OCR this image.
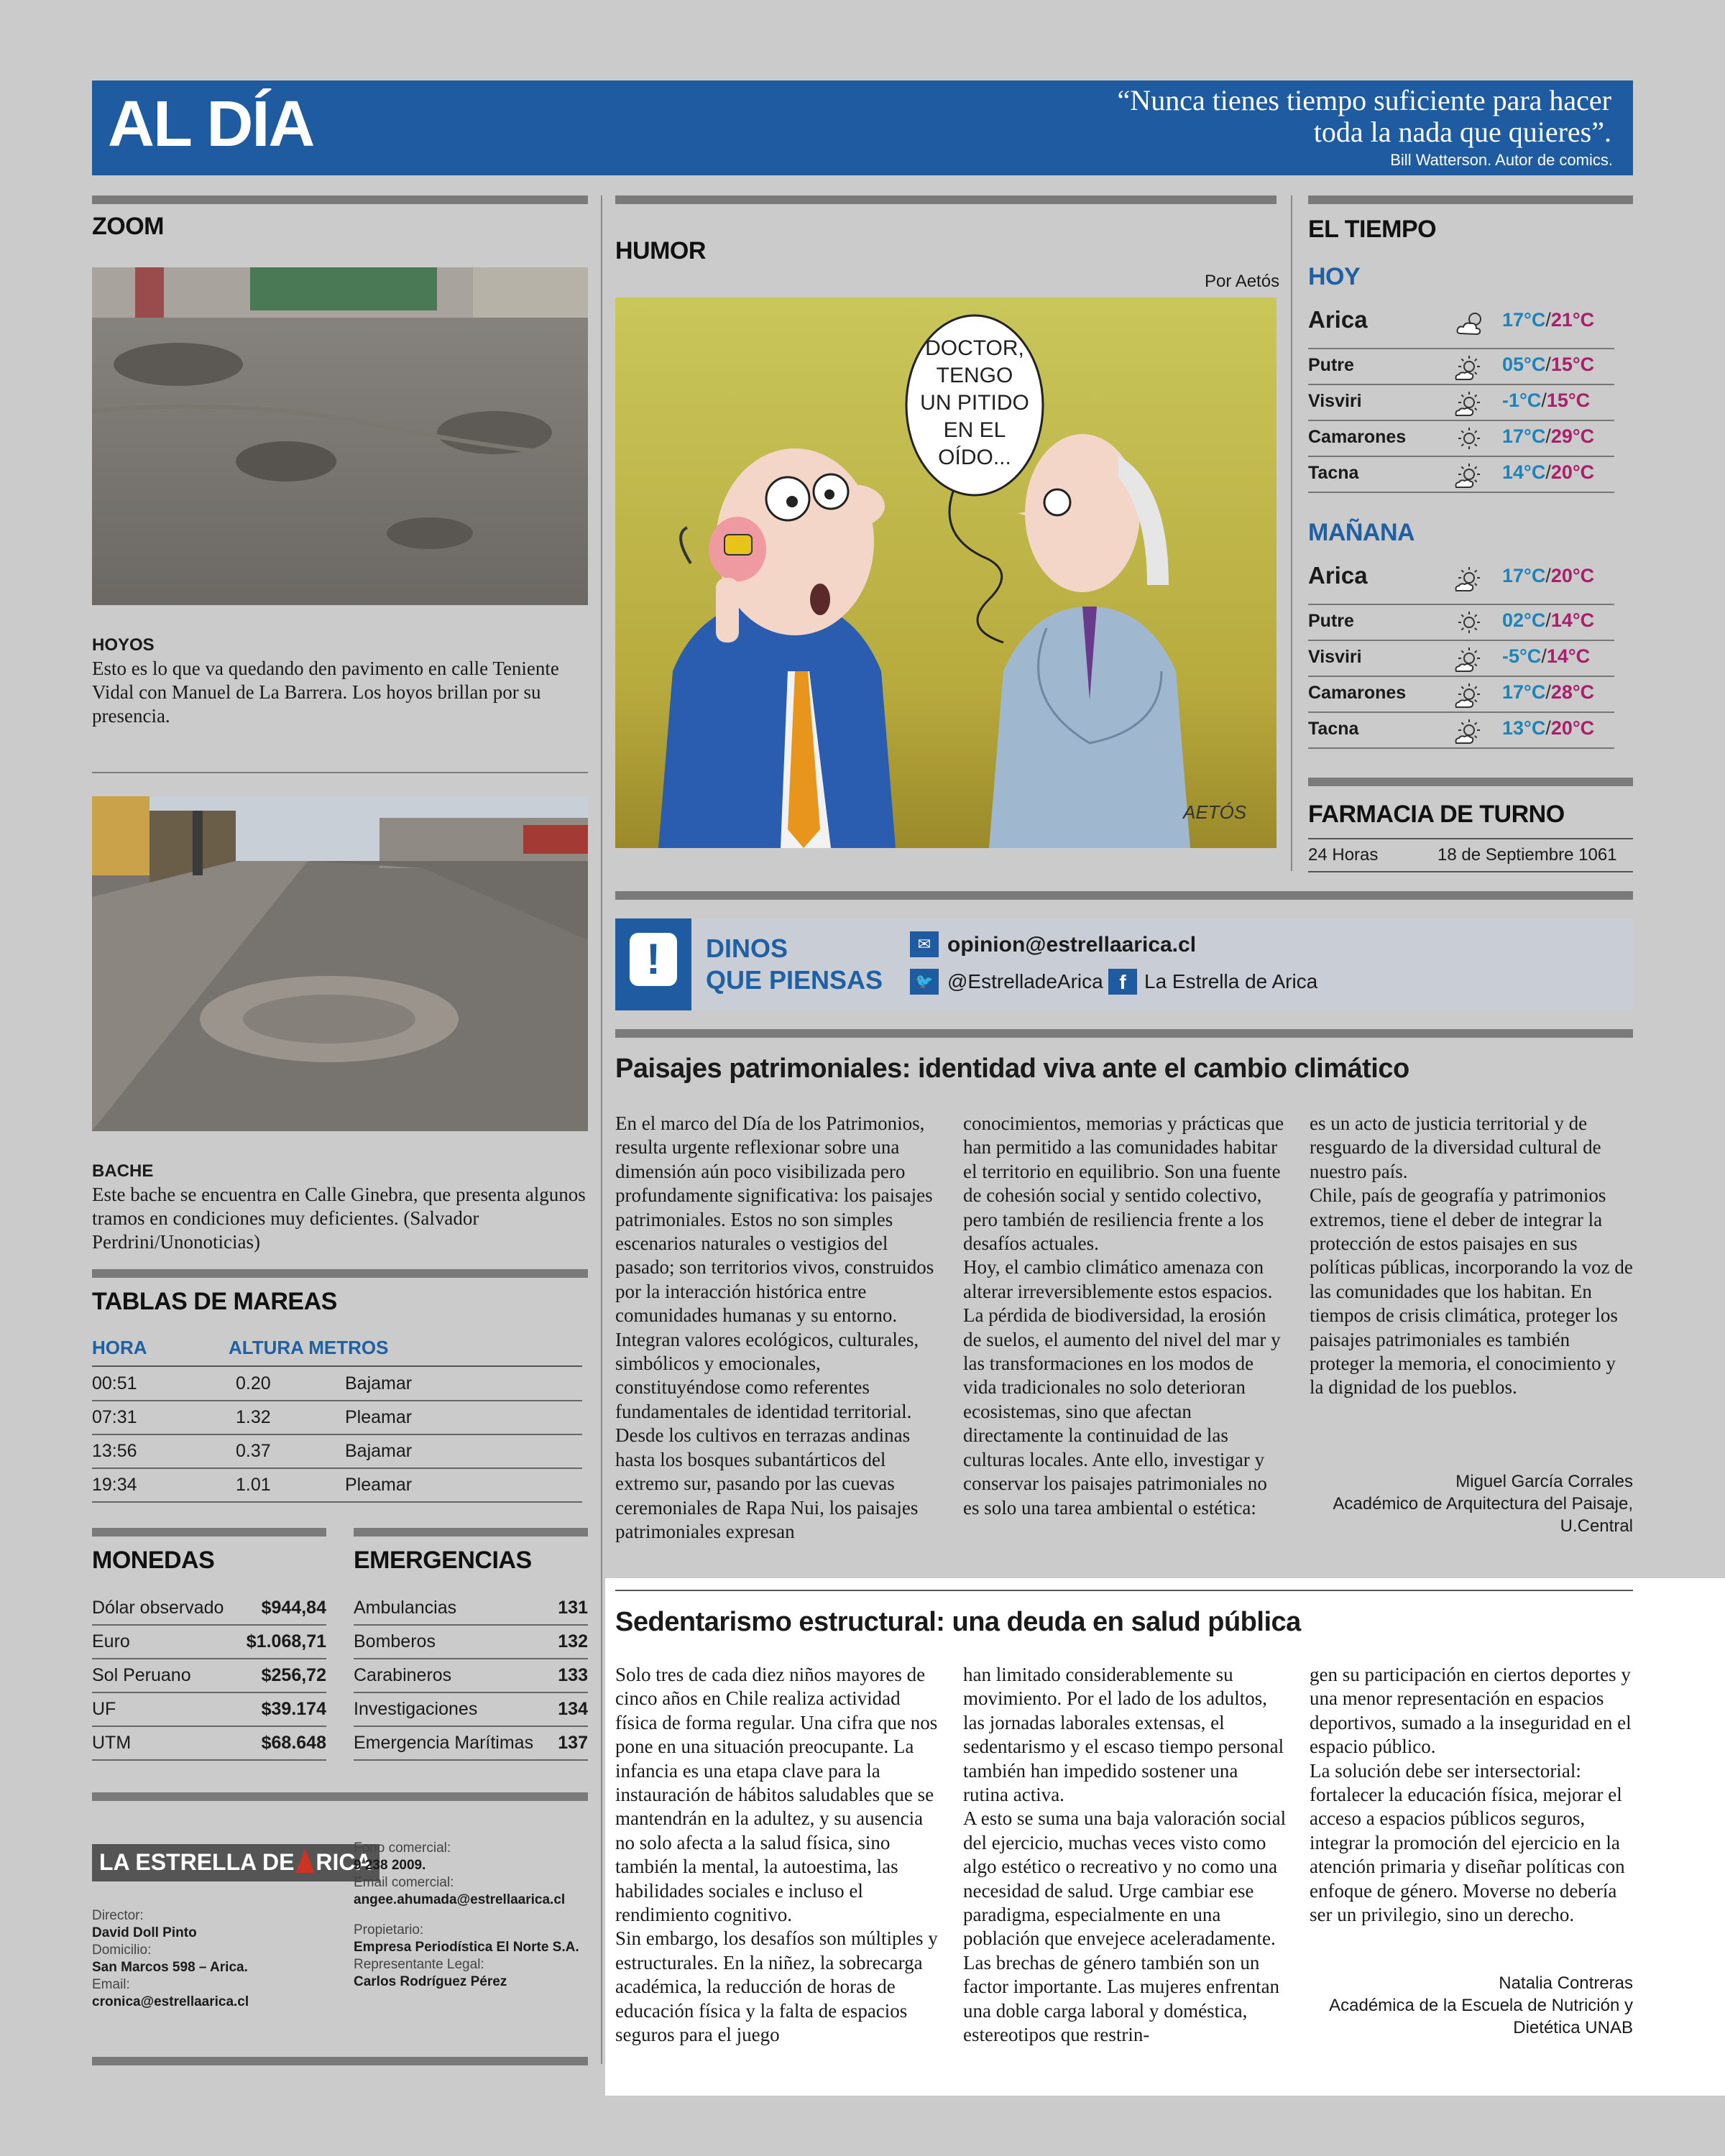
AL DÍA	“Nunca tienes tiempo suficiente para hacer
toda la nada que quieres”.
Bill Watterson. Autor de comics.
ZOOM
HOYOS
Esto es lo que va quedando den pavimento en calle Teniente Vidal con Manuel de La Barrera. Los hoyos brillan por su presencia.
BACHE
Este bache se encuentra en Calle Ginebra, que presenta algunos tramos en condiciones muy deficientes. (Salvador Perdrini/Unonoticias)
TABLAS DE MAREAS
HORA	ALTURA METROS
00:51	0.20	Bajamar
07:31	1.32	Pleamar
13:56	0.37	Bajamar
19:34	1.01	Pleamar
MONEDAS
Dólar observado	$944,84
Euro	$1.068,71
Sol Peruano	$256,72
UF	$39.174
UTM	$68.648
EMERGENCIAS
Ambulancias	131
Bomberos	132
Carabineros	133
Investigaciones	134
Emergencia Marítimas	137
LA ESTRELLA DE RICA
Director:
David Doll Pinto
Domicilio:
San Marcos 598 – Arica.
Email:
cronica@estrellaarica.cl
Fono comercial:
9 238 2009.
Email comercial:
angee.ahumada@estrellaarica.cl
Propietario:
Empresa Periodística El Norte S.A.
Representante Legal:
Carlos Rodríguez Pérez
HUMOR
Por Aetós
DOCTOR,
TENGO
UN PITIDO
EN EL
OÍDO...
AETÓS
EL TIEMPO
HOY
Arica	17°C/21°C
Putre	05°C/15°C
Visviri	-1°C/15°C
Camarones	17°C/29°C
Tacna	14°C/20°C
MAÑANA
Arica	17°C/20°C
Putre	02°C/14°C
Visviri	-5°C/14°C
Camarones	17°C/28°C
Tacna	13°C/20°C
FARMACIA DE TURNO
24 Horas	18 de Septiembre 1061
!	DINOS
QUE PIENSAS
✉ opinion@estrellaarica.cl
🐦 @EstrelladeArica f La Estrella de Arica
Paisajes patrimoniales: identidad viva ante el cambio climático

En el marco del Día de los Patrimonios, resulta urgente reflexionar sobre una dimensión aún poco visibilizada pero profundamente significativa: los paisajes patrimoniales. Estos no son simples escenarios naturales o vestigios del pasado; son territorios vivos, construidos por la interacción histórica entre comunidades humanas y su entorno. Integran valores ecológicos, culturales, simbólicos y emocionales, constituyéndose como referentes fundamentales de identidad territorial. Desde los cultivos en terrazas andinas hasta los bosques subantárticos del extremo sur, pasando por las cuevas ceremoniales de Rapa Nui, los paisajes patrimoniales expresan

conocimientos, memorias y prácticas que han permitido a las comunidades habitar el territorio en equilibrio. Son una fuente de cohesión social y sentido colectivo, pero también de resiliencia frente a los desafíos actuales.

Hoy, el cambio climático amenaza con alterar irreversiblemente estos espacios. La pérdida de biodiversidad, la erosión de suelos, el aumento del nivel del mar y las transformaciones en los modos de vida tradicionales no solo deterioran ecosistemas, sino que afectan directamente la continuidad de las culturas locales. Ante ello, investigar y conservar los paisajes patrimoniales no es solo una tarea ambiental o estética:

es un acto de justicia territorial y de resguardo de la diversidad cultural de nuestro país.

Chile, país de geografía y patrimonios extremos, tiene el deber de integrar la protección de estos paisajes en sus políticas públicas, incorporando la voz de las comunidades que los habitan. En tiempos de crisis climática, proteger los paisajes patrimoniales es también proteger la memoria, el conocimiento y la dignidad de los pueblos.

Miguel García Corrales
Académico de Arquitectura del Paisaje,
U.Central
Sedentarismo estructural: una deuda en salud pública

Solo tres de cada diez niños mayores de cinco años en Chile realiza actividad física de forma regular. Una cifra que nos pone en una situación preocupante. La infancia es una etapa clave para la instauración de hábitos saludables que se mantendrán en la adultez, y su ausencia no solo afecta a la salud física, sino también la mental, la autoestima, las habilidades sociales e incluso el rendimiento cognitivo.

Sin embargo, los desafíos son múltiples y estructurales. En la niñez, la sobrecarga académica, la reducción de horas de educación física y la falta de espacios seguros para el juego

han limitado considerablemente su movimiento. Por el lado de los adultos, las jornadas laborales extensas, el sedentarismo y el escaso tiempo personal también han impedido sostener una rutina activa.

A esto se suma una baja valoración social del ejercicio, muchas veces visto como algo estético o recreativo y no como una necesidad de salud. Urge cambiar ese paradigma, especialmente en una población que envejece aceleradamente.

Las brechas de género también son un factor importante. Las mujeres enfrentan una doble carga laboral y doméstica, estereotipos que restrin-

gen su participación en ciertos deportes y una menor representación en espacios deportivos, sumado a la inseguridad en el espacio público.

La solución debe ser intersectorial: fortalecer la educación física, mejorar el acceso a espacios públicos seguros, integrar la promoción del ejercicio en la atención primaria y diseñar políticas con enfoque de género. Moverse no debería ser un privilegio, sino un derecho.

Natalia Contreras
Académica de la Escuela de Nutrición y
Dietética UNAB
